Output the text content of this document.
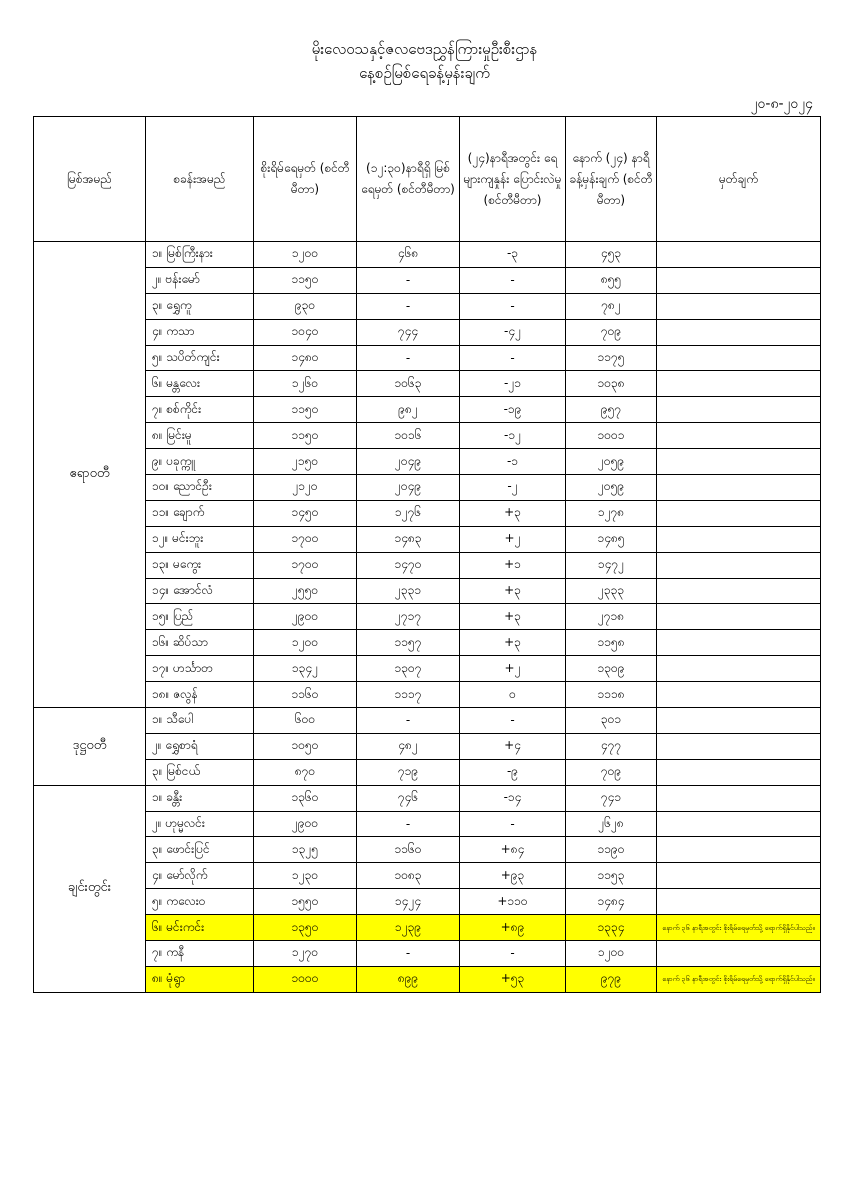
မိုးလေဝသနှင့်ဇလဗေဒညွှန်ကြားမှုဦးစီးဌာန
နေ့စဉ်မြစ်ရေခန့်မှန်းချက်
၂၀-၈-၂၀၂၄
မြစ်အမည်	စခန်းအမည်	စိုးရိမ်ရေမှတ် (စင်တီမီတာ)	(၁၂:၃၀)နာရီရှိ မြစ်ရေမှတ် (စင်တီမီတာ)	(၂၄)နာရီအတွင်း ရေများကျနှုန်း ပြောင်းလဲမှု (စင်တီမီတာ)	နောက် (၂၄) နာရီ ခန့်မှန်းချက် (စင်တီမီတာ)	မှတ်ချက်
ဧရာဝတီ	၁။ မြစ်ကြီးနား	၁၂၀၀	၄၆၈	-၃	၄၅၃	
	၂။ ဗန်းမော်	၁၁၅၀	-	-	၈၅၅	
	၃။ ရွှေကူ	၉၃၀	-	-	၇၈၂	
	၄။ ကသာ	၁၀၄၀	၇၄၄	-၄၂	၇၀၉	
	၅။ သပိတ်ကျင်း	၁၄၈၀	-	-	၁၁၇၅	
	၆။ မန္တလေး	၁၂၆၀	၁၀၆၃	-၂၁	၁၀၃၈	
	၇။ စစ်ကိုင်း	၁၁၅၀	၉၈၂	-၁၉	၉၅၇	
	၈။ မြင်းမူ	၁၁၅၀	၁၀၁၆	-၁၂	၁၀၀၁	
	၉။ ပခုက္ကူ	၂၁၅၀	၂၀၄၉	-၁	၂၀၅၉	
	၁၀။ ညောင်ဦး	၂၁၂၀	၂၀၄၉	-၂	၂၀၅၉	
	၁၁။ ချောက်	၁၄၅၀	၁၂၇၆	+၃	၁၂၇၈	
	၁၂။ မင်းဘူး	၁၇၀၀	၁၄၈၃	+၂	၁၄၈၅	
	၁၃။ မကွေး	၁၇၀၀	၁၄၇၀	+၁	၁၄၇၂	
	၁၄။ အောင်လံ	၂၅၅၀	၂၃၃၁	+၃	၂၃၃၃	
	၁၅။ ပြည်	၂၉၀၀	၂၇၁၇	+၃	၂၇၁၈	
	၁၆။ ဆိပ်သာ	၁၂၀၀	၁၁၅၇	+၃	၁၁၅၈	
	၁၇။ ဟင်္သာတ	၁၃၄၂	၁၃၀၇	+၂	၁၃၀၉	
	၁၈။ ဇလွန်	၁၁၆၀	၁၁၁၇	၀	၁၁၁၈	
ဒုဋ္ဌဝတီ	၁။ သီပေါ	၆၀၀	-	-	၃၀၁	
	၂။ ရွှေစာရံ	၁၀၅၀	၄၈၂	+၄	၄၇၇	
	၃။ မြစ်ငယ်	၈၇၀	၇၁၉	-၉	၇၀၉	
ချင်းတွင်း	၁။ ခန္တီး	၁၃၆၀	၇၄၆	-၁၄	၇၄၁	
	၂။ ဟုမ္မလင်း	၂၉၀၀	-	-	၂၆၂၈	
	၃။ ဖောင်းပြင်	၁၃၂၅	၁၁၆၀	+၈၄	၁၁၉၀	
	၄။ မော်လိုက်	၁၂၃၀	၁၀၈၃	+၉၃	၁၁၅၃	
	၅။ ကလေးဝ	၁၅၅၀	၁၄၂၄	+၁၁၀	၁၄၈၄	
	၆။ မင်းကင်း	၁၃၅၀	၁၂၃၉	+၈၉	၁၃၃၄	နောက် ၃၆ နာရီအတွင်း စိုးရိမ်ရေမှတ်သို့ ရောက်ရှိနိုင်ပါသည်။
	၇။ ကနီ	၁၂၇၀	-	-	၁၂၀၀	
	၈။ မုံရွာ	၁၀၀၀	၈၉၉	+၅၃	၉၇၉	နောက် ၃၆ နာရီအတွင်း စိုးရိမ်ရေမှတ်သို့ ရောက်ရှိနိုင်ပါသည်။
